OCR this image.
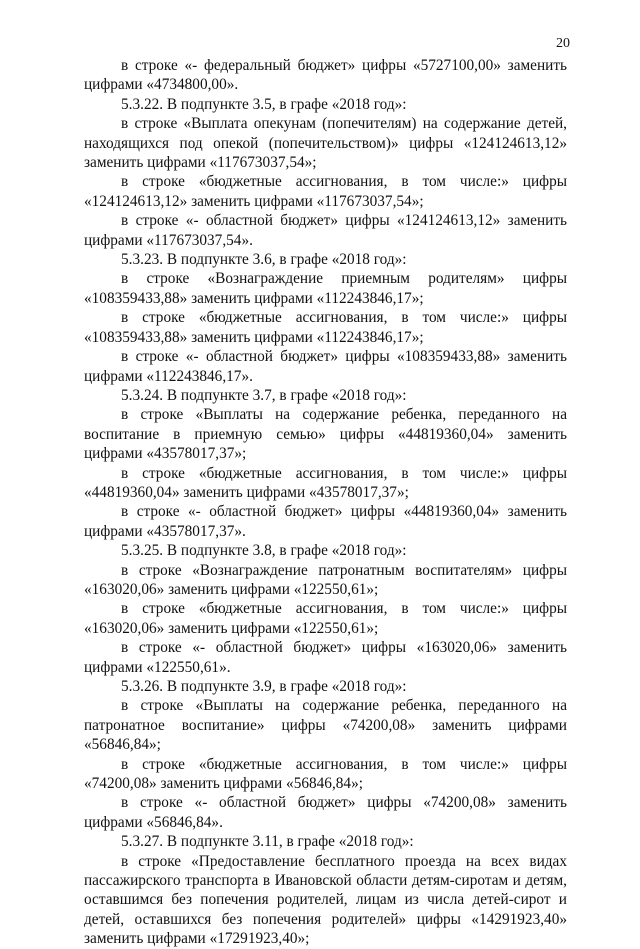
20

в строке «- федеральный бюджет» цифры «5727100,00» заменить цифрами «4734800,00».

5.3.22. В подпункте 3.5, в графе «2018 год»:

в строке «Выплата опекунам (попечителям) на содержание детей, находящихся под опекой (попечительством)» цифры «124124613,12» заменить цифрами «117673037,54»;

в строке «бюджетные ассигнования, в том числе:» цифры «124124613,12» заменить цифрами «117673037,54»;

в строке «- областной бюджет» цифры «124124613,12» заменить цифрами «117673037,54».

5.3.23. В подпункте 3.6, в графе «2018 год»:

в строке «Вознаграждение приемным родителям» цифры «108359433,88» заменить цифрами «112243846,17»;

в строке «бюджетные ассигнования, в том числе:» цифры «108359433,88» заменить цифрами «112243846,17»;

в строке «- областной бюджет» цифры «108359433,88» заменить цифрами «112243846,17».

5.3.24. В подпункте 3.7, в графе «2018 год»:

в строке «Выплаты на содержание ребенка, переданного на воспитание в приемную семью» цифры «44819360,04» заменить цифрами «43578017,37»;

в строке «бюджетные ассигнования, в том числе:» цифры «44819360,04» заменить цифрами «43578017,37»;

в строке «- областной бюджет» цифры «44819360,04» заменить цифрами «43578017,37».

5.3.25. В подпункте 3.8, в графе «2018 год»:

в строке «Вознаграждение патронатным воспитателям» цифры «163020,06» заменить цифрами «122550,61»;

в строке «бюджетные ассигнования, в том числе:» цифры «163020,06» заменить цифрами «122550,61»;

в строке «- областной бюджет» цифры «163020,06» заменить цифрами «122550,61».

5.3.26. В подпункте 3.9, в графе «2018 год»:

в строке «Выплаты на содержание ребенка, переданного на патронатное воспитание» цифры «74200,08» заменить цифрами «56846,84»;

в строке «бюджетные ассигнования, в том числе:» цифры «74200,08» заменить цифрами «56846,84»;

в строке «- областной бюджет» цифры «74200,08» заменить цифрами «56846,84».

5.3.27. В подпункте 3.11, в графе «2018 год»:

в строке «Предоставление бесплатного проезда на всех видах пассажирского транспорта в Ивановской области детям-сиротам и детям, оставшимся без попечения родителей, лицам из числа детей-сирот и детей, оставшихся без попечения родителей» цифры «14291923,40» заменить цифрами «17291923,40»;
